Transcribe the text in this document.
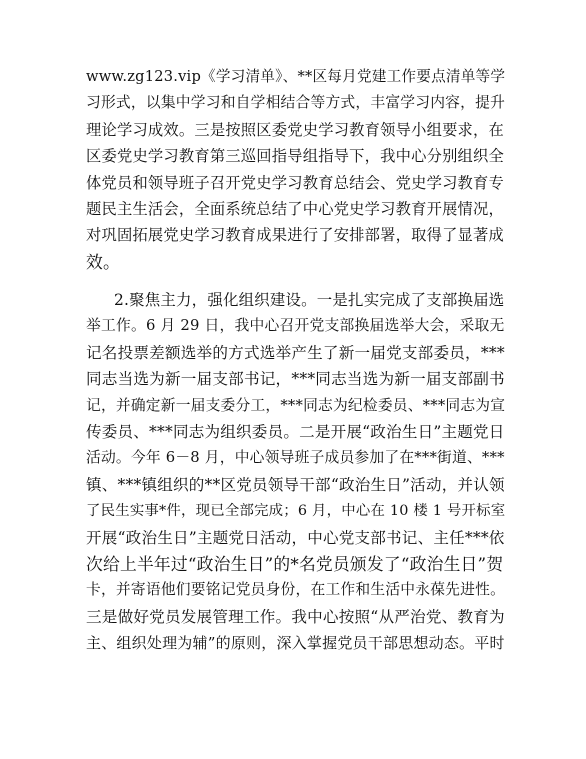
www.zg123.vip《学习清单》、**区每月党建工作要点清单等学
习形式，以集中学习和自学相结合等方式，丰富学习内容，提升
理论学习成效。三是按照区委党史学习教育领导小组要求，在
区委党史学习教育第三巡回指导组指导下，我中心分别组织全
体党员和领导班子召开党史学习教育总结会、党史学习教育专
题民主生活会，全面系统总结了中心党史学习教育开展情况，
对巩固拓展党史学习教育成果进行了安排部署，取得了显著成
效。
2.聚焦主力，强化组织建设。一是扎实完成了支部换届选
举工作。6 月 29 日，我中心召开党支部换届选举大会，采取无
记名投票差额选举的方式选举产生了新一届党支部委员，***
同志当选为新一届支部书记，***同志当选为新一届支部副书
记，并确定新一届支委分工，***同志为纪检委员、***同志为宣
传委员、***同志为组织委员。二是开展“政治生日”主题党日
活动。今年 6－8 月，中心领导班子成员参加了在***街道、***
镇、***镇组织的**区党员领导干部“政治生日”活动，并认领
了民生实事*件，现已全部完成；6 月，中心在 10 楼 1 号开标室
开展“政治生日”主题党日活动，中心党支部书记、主任***依
次给上半年过“政治生日”的*名党员颁发了“政治生日”贺
卡，并寄语他们要铭记党员身份，在工作和生活中永葆先进性。
三是做好党员发展管理工作。我中心按照“从严治党、教育为
主、组织处理为辅”的原则，深入掌握党员干部思想动态。平时
